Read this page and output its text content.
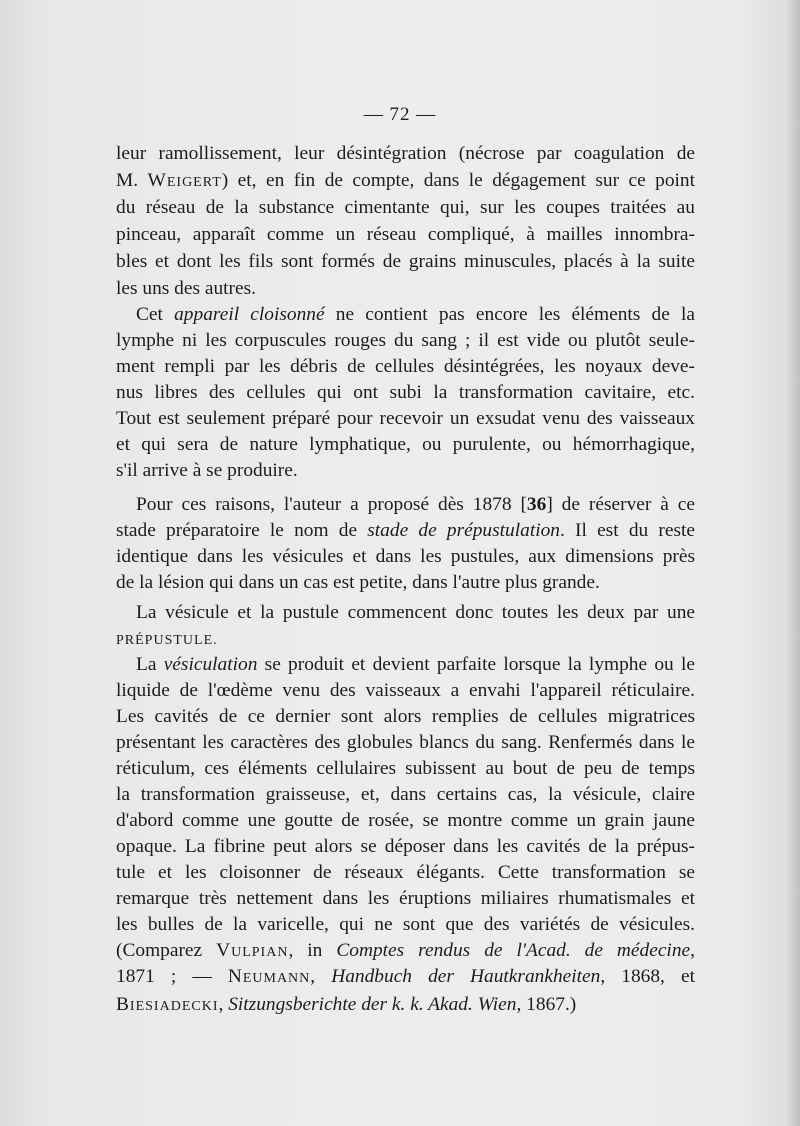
— 72 —
leur ramollissement, leur désintégration (nécrose par coagulation de
M. Weigert) et, en fin de compte, dans le dégagement sur ce point
du réseau de la substance cimentante qui, sur les coupes traitées au
pinceau, apparaît comme un réseau compliqué, à mailles innombra-
bles et dont les fils sont formés de grains minuscules, placés à la suite
les uns des autres.
Cet appareil cloisonné ne contient pas encore les éléments de la
lymphe ni les corpuscules rouges du sang ; il est vide ou plutôt seule-
ment rempli par les débris de cellules désintégrées, les noyaux deve-
nus libres des cellules qui ont subi la transformation cavitaire, etc.
Tout est seulement préparé pour recevoir un exsudat venu des vaisseaux
et qui sera de nature lymphatique, ou purulente, ou hémorrhagique,
s'il arrive à se produire.
Pour ces raisons, l'auteur a proposé dès 1878 [36] de réserver à ce
stade préparatoire le nom de stade de prépustulation. Il est du reste
identique dans les vésicules et dans les pustules, aux dimensions près
de la lésion qui dans un cas est petite, dans l'autre plus grande.
La vésicule et la pustule commencent donc toutes les deux par une
PRÉPUSTULE.
La vésiculation se produit et devient parfaite lorsque la lymphe ou le
liquide de l'œdème venu des vaisseaux a envahi l'appareil réticulaire.
Les cavités de ce dernier sont alors remplies de cellules migratrices
présentant les caractères des globules blancs du sang. Renfermés dans le
réticulum, ces éléments cellulaires subissent au bout de peu de temps
la transformation graisseuse, et, dans certains cas, la vésicule, claire
d'abord comme une goutte de rosée, se montre comme un grain jaune
opaque. La fibrine peut alors se déposer dans les cavités de la prépus-
tule et les cloisonner de réseaux élégants. Cette transformation se
remarque très nettement dans les éruptions miliaires rhumatismales et
les bulles de la varicelle, qui ne sont que des variétés de vésicules.
(Comparez Vulpian, in Comptes rendus de l'Acad. de médecine,
1871 ; — Neumann, Handbuch der Hautkrankheiten, 1868, et
Biesiadecki, Sitzungsberichte der k. k. Akad. Wien, 1867.)
